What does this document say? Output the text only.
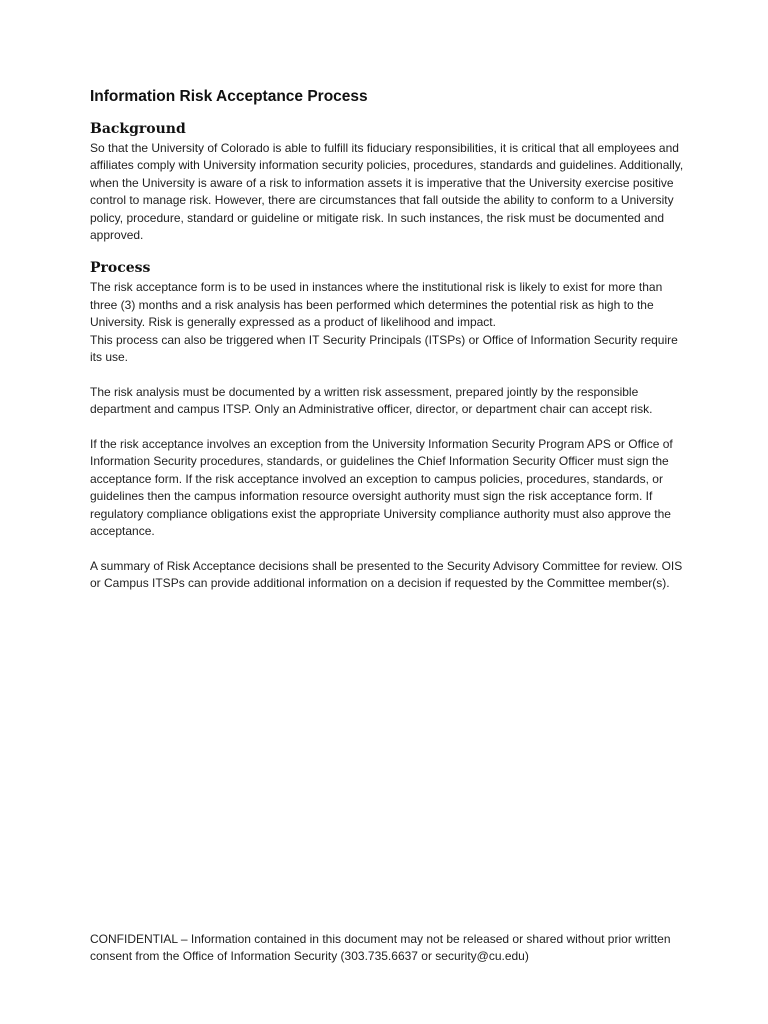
Information Risk Acceptance Process
Background

So that the University of Colorado is able to fulfill its fiduciary responsibilities, it is critical that all employees and affiliates comply with University information security policies, procedures, standards and guidelines. Additionally, when the University is aware of a risk to information assets it is imperative that the University exercise positive control to manage risk. However, there are circumstances that fall outside the ability to conform to a University policy, procedure, standard or guideline or mitigate risk. In such instances, the risk must be documented and approved.

Process

The risk acceptance form is to be used in instances where the institutional risk is likely to exist for more than three (3) months and a risk analysis has been performed which determines the potential risk as high to the University. Risk is generally expressed as a product of likelihood and impact.

This process can also be triggered when IT Security Principals (ITSPs) or Office of Information Security require its use.

The risk analysis must be documented by a written risk assessment, prepared jointly by the responsible department and campus ITSP. Only an Administrative officer, director, or department chair can accept risk.

If the risk acceptance involves an exception from the University Information Security Program APS or Office of Information Security procedures, standards, or guidelines the Chief Information Security Officer must sign the acceptance form. If the risk acceptance involved an exception to campus policies, procedures, standards, or guidelines then the campus information resource oversight authority must sign the risk acceptance form. If regulatory compliance obligations exist the appropriate University compliance authority must also approve the acceptance.

A summary of Risk Acceptance decisions shall be presented to the Security Advisory Committee for review. OIS or Campus ITSPs can provide additional information on a decision if requested by the Committee member(s).

CONFIDENTIAL – Information contained in this document may not be released or shared without prior written consent from the Office of Information Security (303.735.6637 or security@cu.edu)
